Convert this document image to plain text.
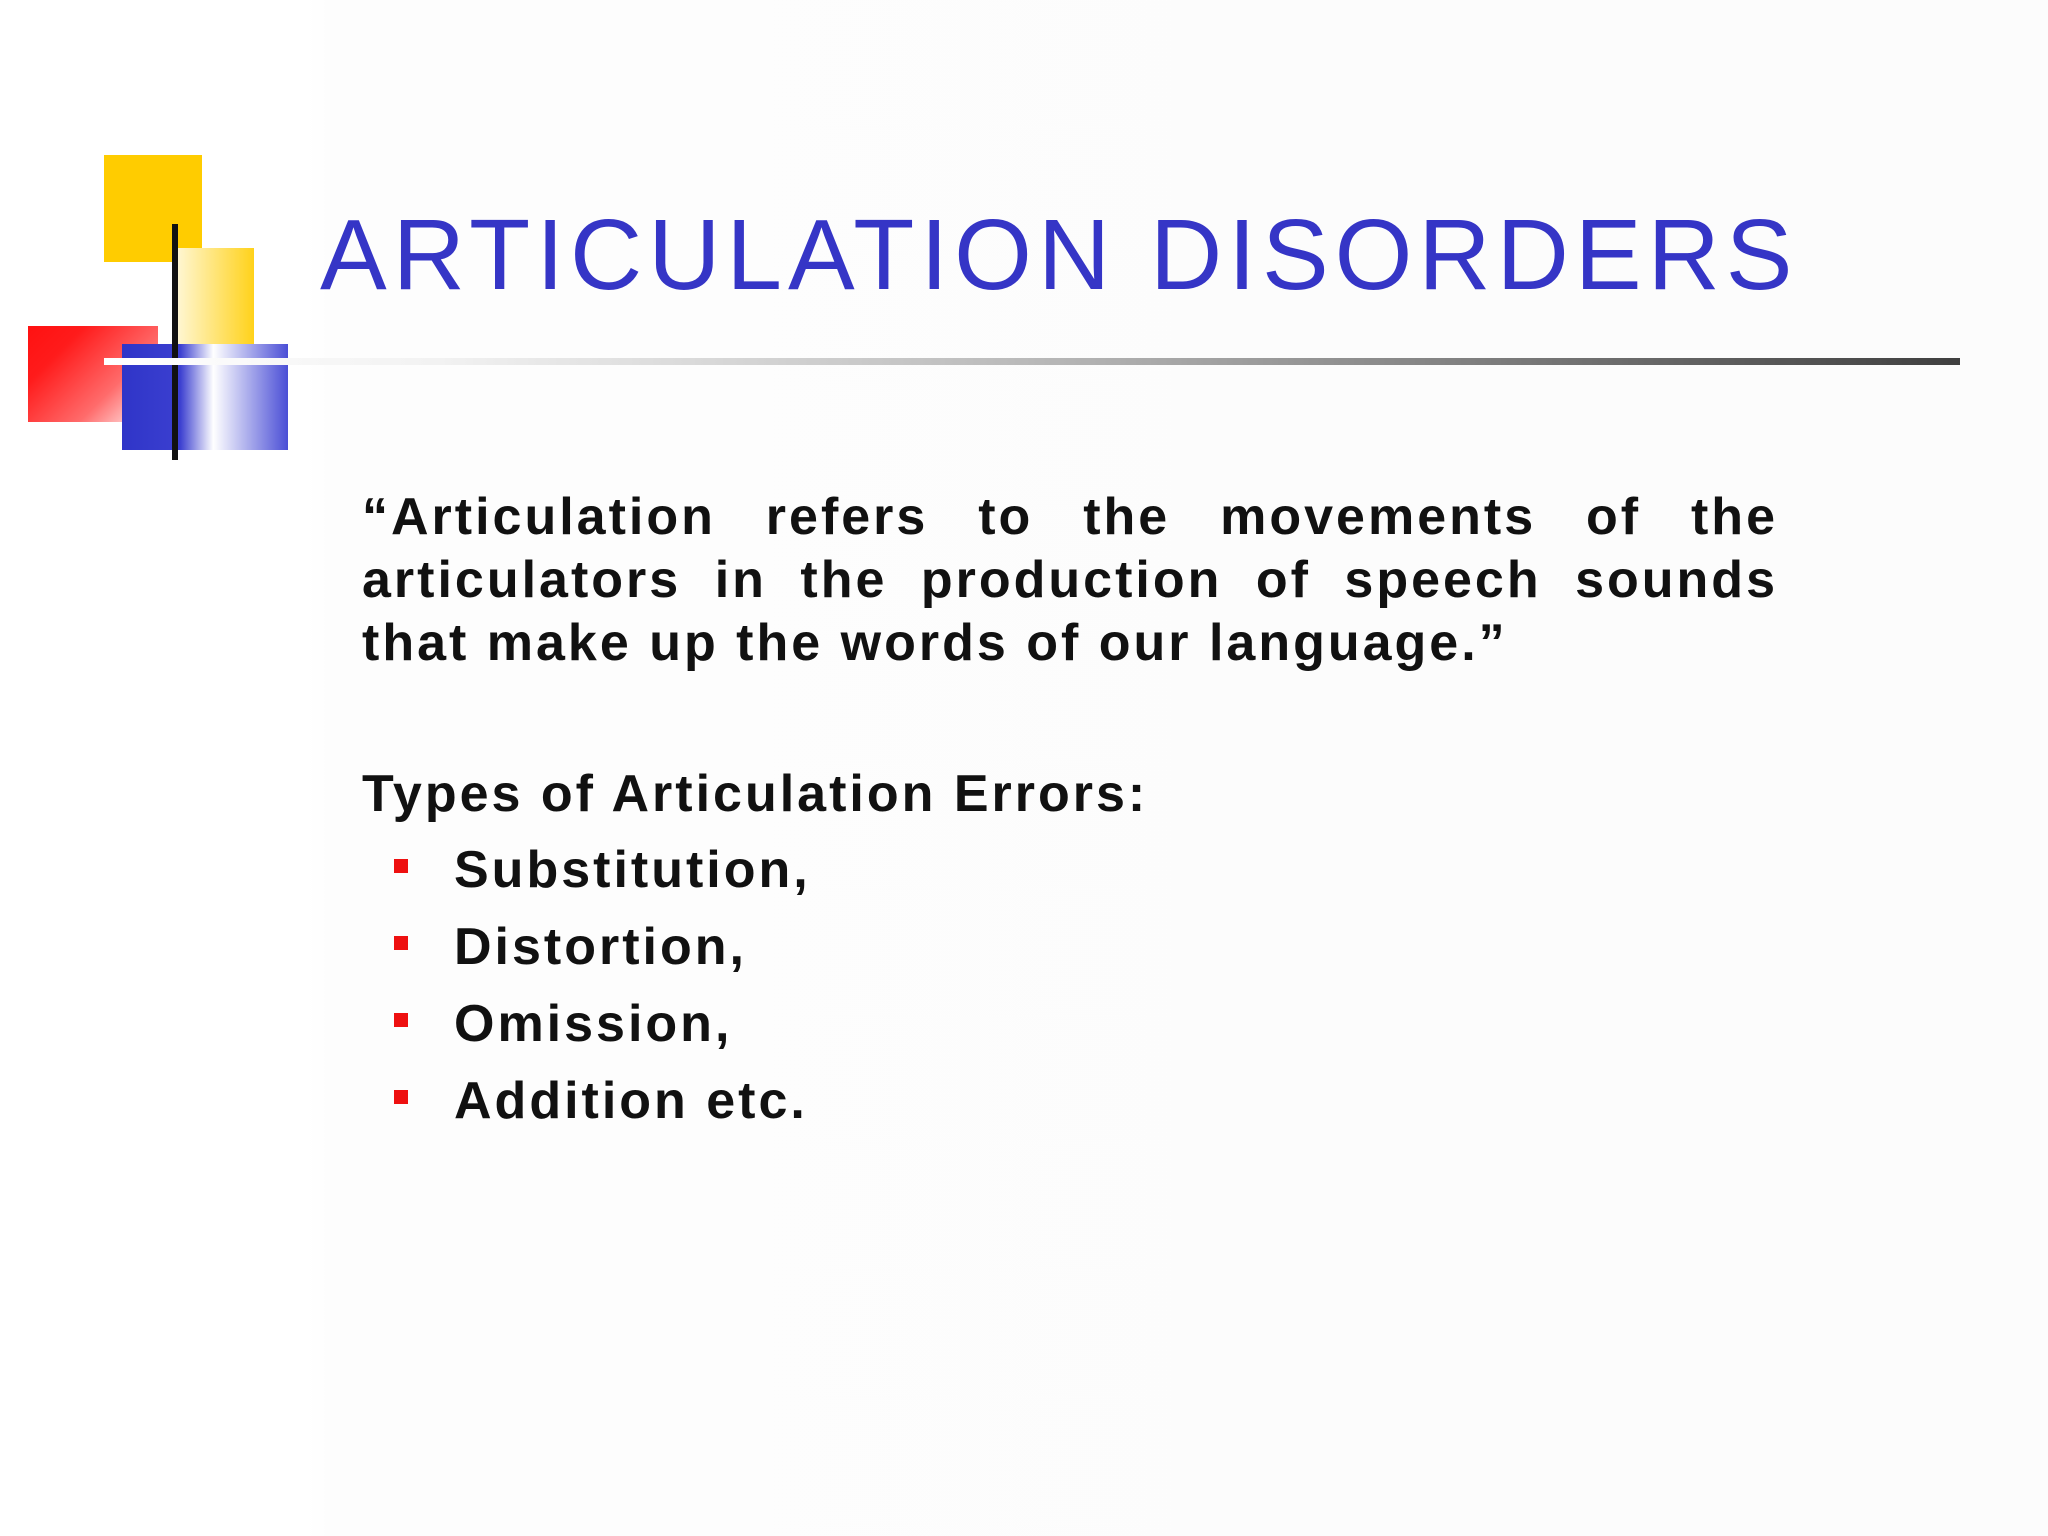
ARTICULATION DISORDERS

“Articulation refers to the movements of the articulators in the production of speech sounds that make up the words of our language.”

Types of Articulation Errors:

Substitution,
Distortion,
Omission,
Addition etc.
